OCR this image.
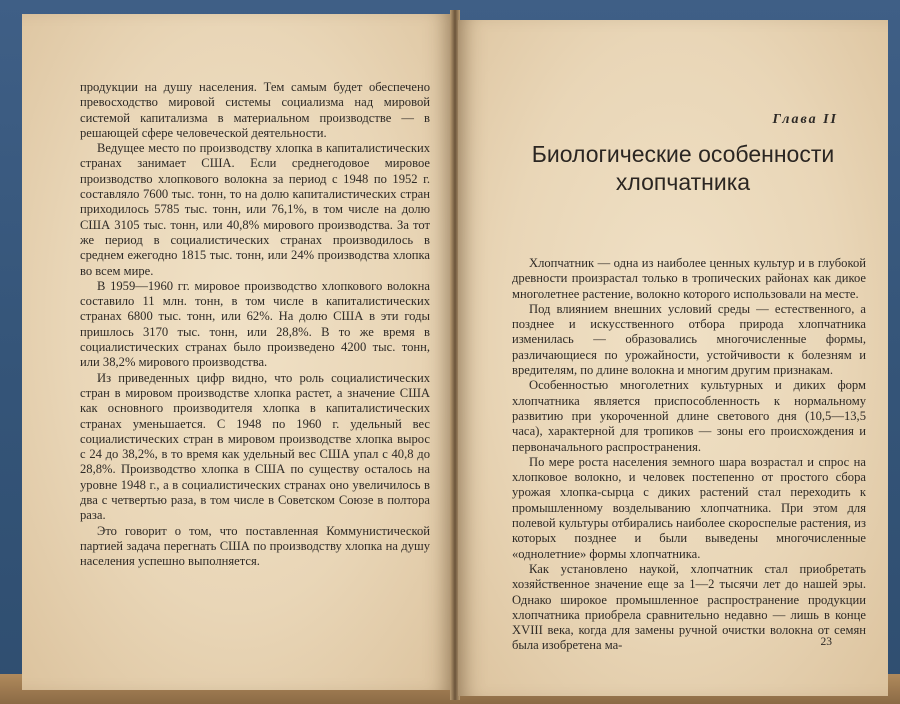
продукции на душу населения. Тем самым будет обеспечено превосходство мировой системы социализма над мировой системой капитализма в материальном производстве — в решающей сфере человеческой деятельности.

Ведущее место по производству хлопка в капиталистических странах занимает США. Если среднегодовое мировое производство хлопкового волокна за период с 1948 по 1952 г. составляло 7600 тыс. тонн, то на долю капиталистических стран приходилось 5785 тыс. тонн, или 76,1%, в том числе на долю США 3105 тыс. тонн, или 40,8% мирового производства. За тот же период в социалистических странах производилось в среднем ежегодно 1815 тыс. тонн, или 24% производства хлопка во всем мире.

В 1959—1960 гг. мировое производство хлопкового волокна составило 11 млн. тонн, в том числе в капиталистических странах 6800 тыс. тонн, или 62%. На долю США в эти годы пришлось 3170 тыс. тонн, или 28,8%. В то же время в социалистических странах было произведено 4200 тыс. тонн, или 38,2% мирового производства.

Из приведенных цифр видно, что роль социалистических стран в мировом производстве хлопка растет, а значение США как основного производителя хлопка в капиталистических странах уменьшается. С 1948 по 1960 г. удельный вес социалистических стран в мировом производстве хлопка вырос с 24 до 38,2%, в то время как удельный вес США упал с 40,8 до 28,8%. Производство хлопка в США по существу осталось на уровне 1948 г., а в социалистических странах оно увеличилось в два с четвертью раза, в том числе в Советском Союзе в полтора раза.

Это говорит о том, что поставленная Коммунистической партией задача перегнать США по производству хлопка на душу населения успешно выполняется.

Глава II
Биологические особенности
хлопчатника

Хлопчатник — одна из наиболее ценных культур и в глубокой древности произрастал только в тропических районах как дикое многолетнее растение, волокно которого использовали на месте.

Под влиянием внешних условий среды — естественного, а позднее и искусственного отбора природа хлопчатника изменилась — образовались многочисленные формы, различающиеся по урожайности, устойчивости к болезням и вредителям, по длине волокна и многим другим признакам.

Особенностью многолетних культурных и диких форм хлопчатника является приспособленность к нормальному развитию при укороченной длине светового дня (10,5—13,5 часа), характерной для тропиков — зоны его происхождения и первоначального распространения.

По мере роста населения земного шара возрастал и спрос на хлопковое волокно, и человек постепенно от простого сбора урожая хлопка-сырца с диких растений стал переходить к промышленному возделыванию хлопчатника. При этом для полевой культуры отбирались наиболее скороспелые растения, из которых позднее и были выведены многочисленные «однолетние» формы хлопчатника.

Как установлено наукой, хлопчатник стал приобретать хозяйственное значение еще за 1—2 тысячи лет до нашей эры. Однако широкое промышленное распространение продукции хлопчатника приобрела сравнительно недавно — лишь в конце XVIII века, когда для замены ручной очистки волокна от семян была изобретена ма-	23
